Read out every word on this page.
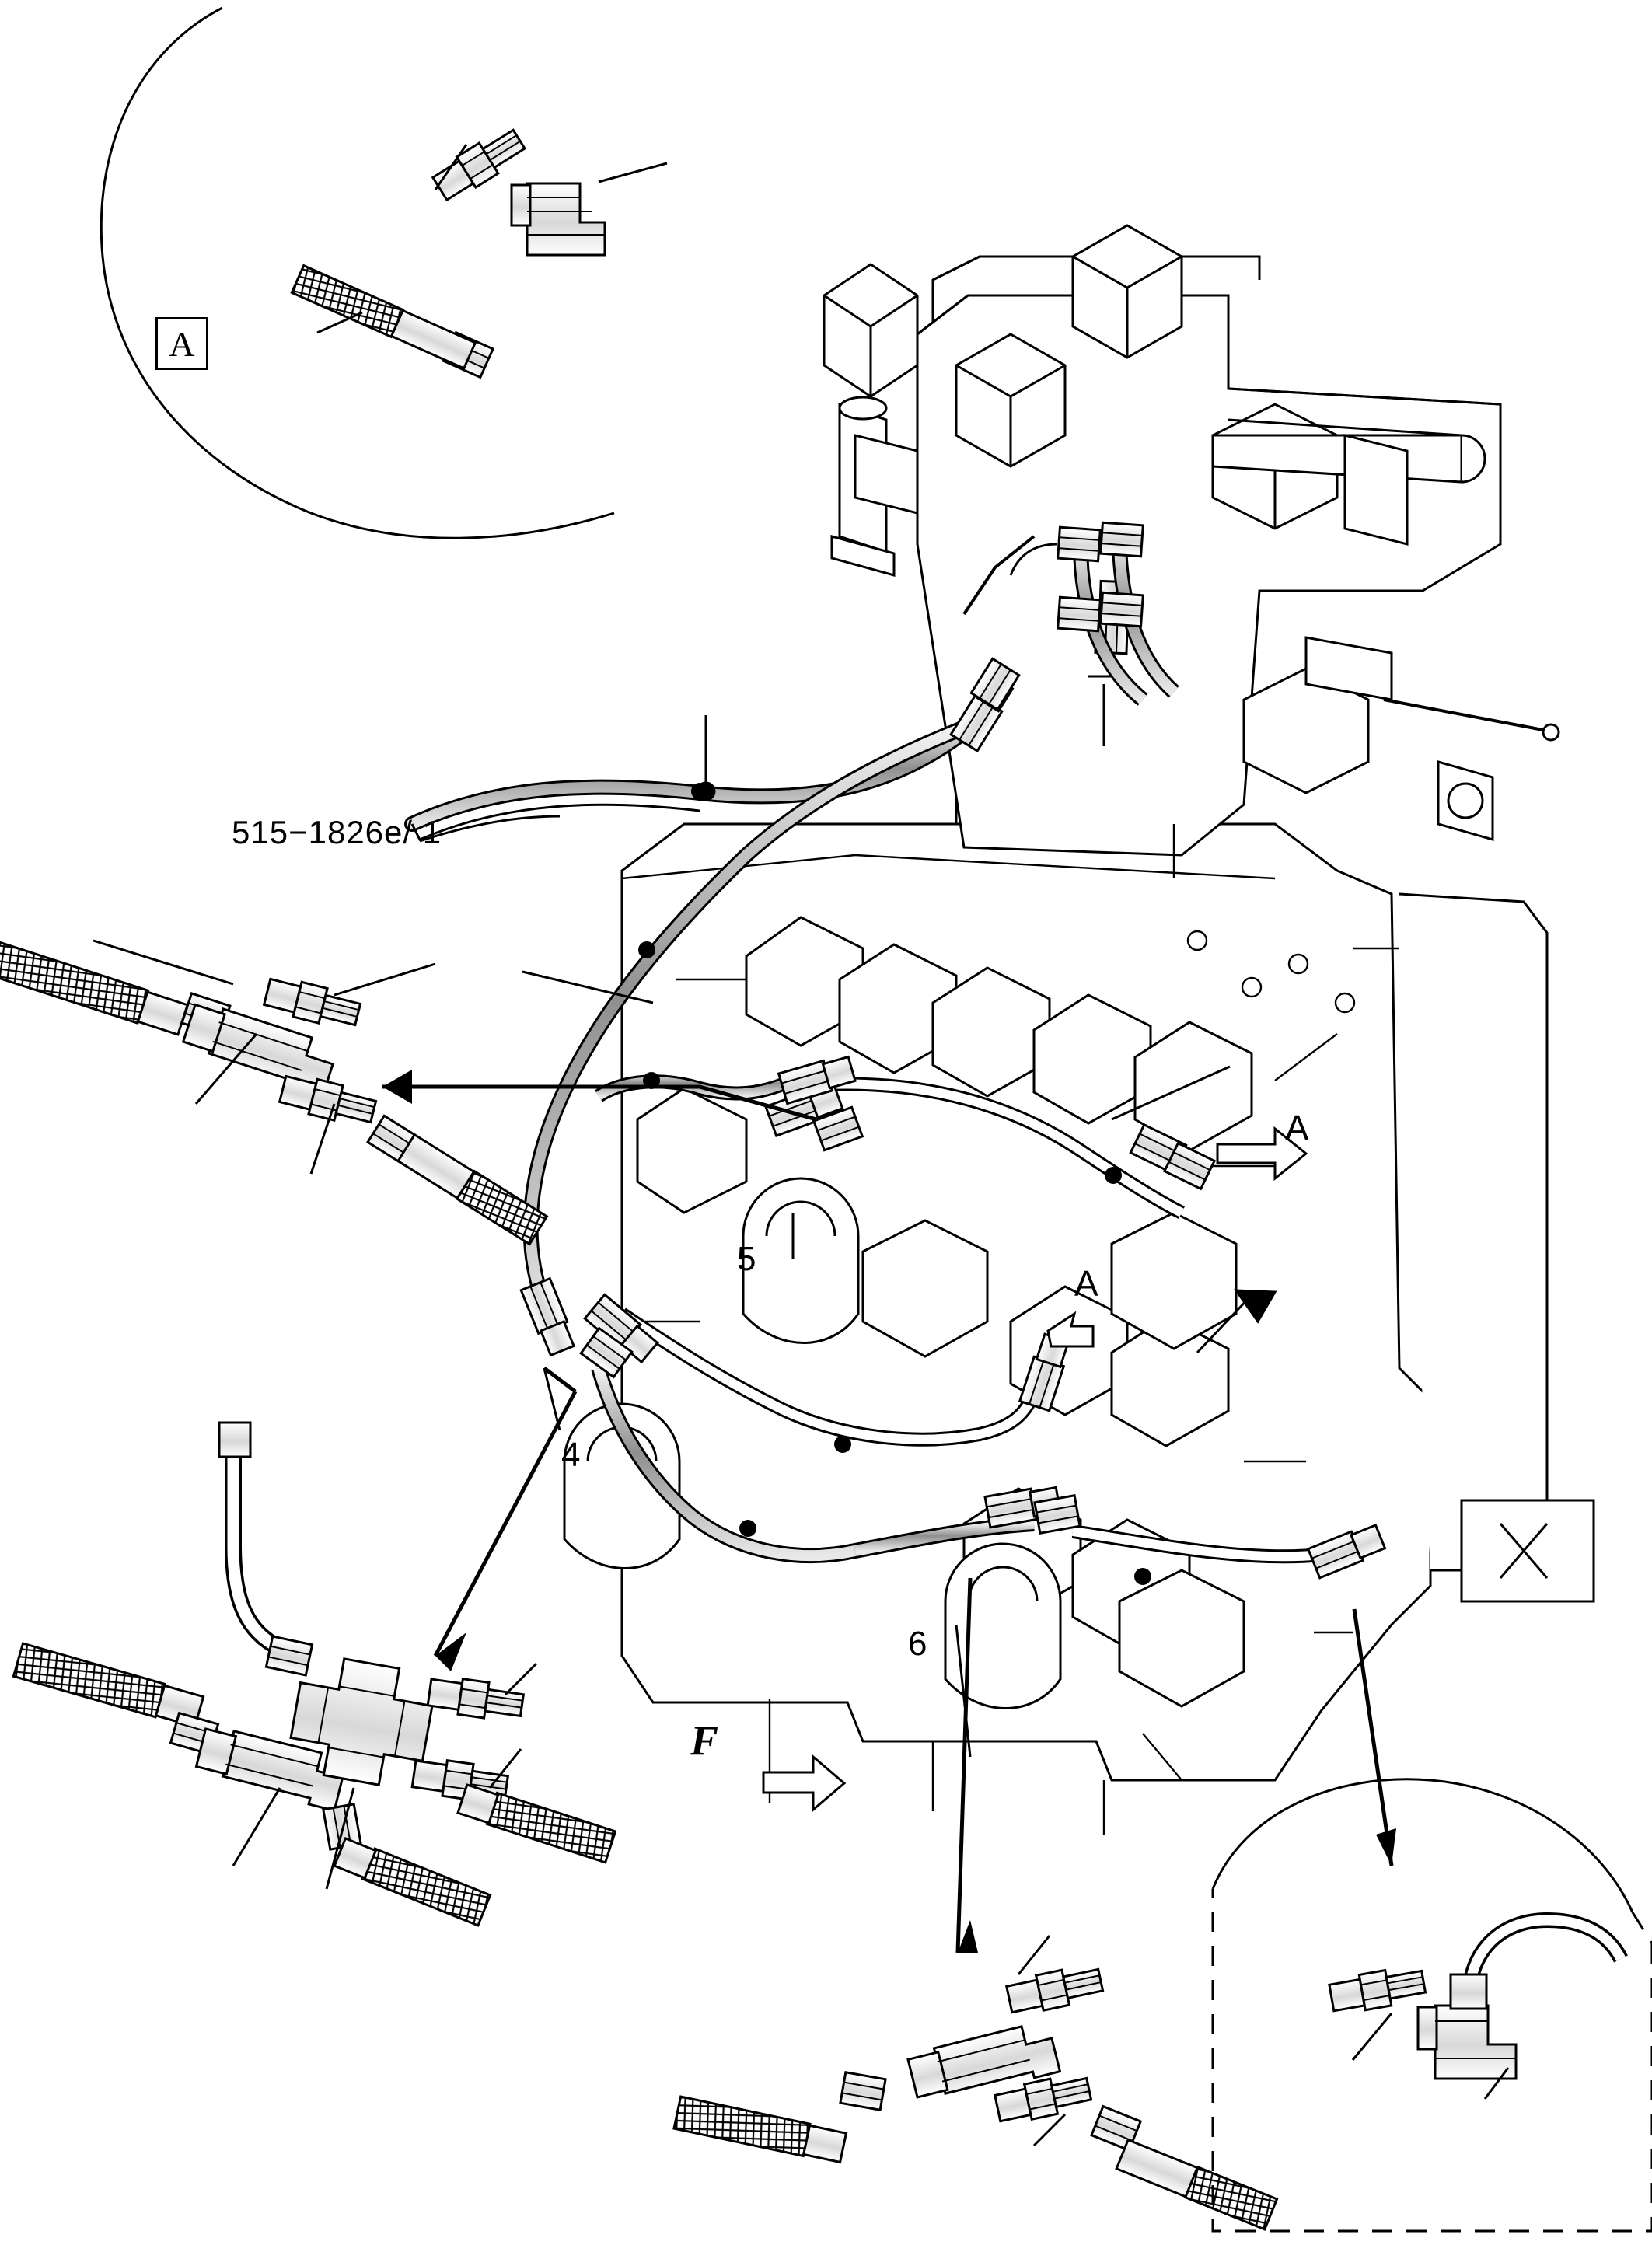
A
515−1826e/ 1
A
A
F
5
4
6
